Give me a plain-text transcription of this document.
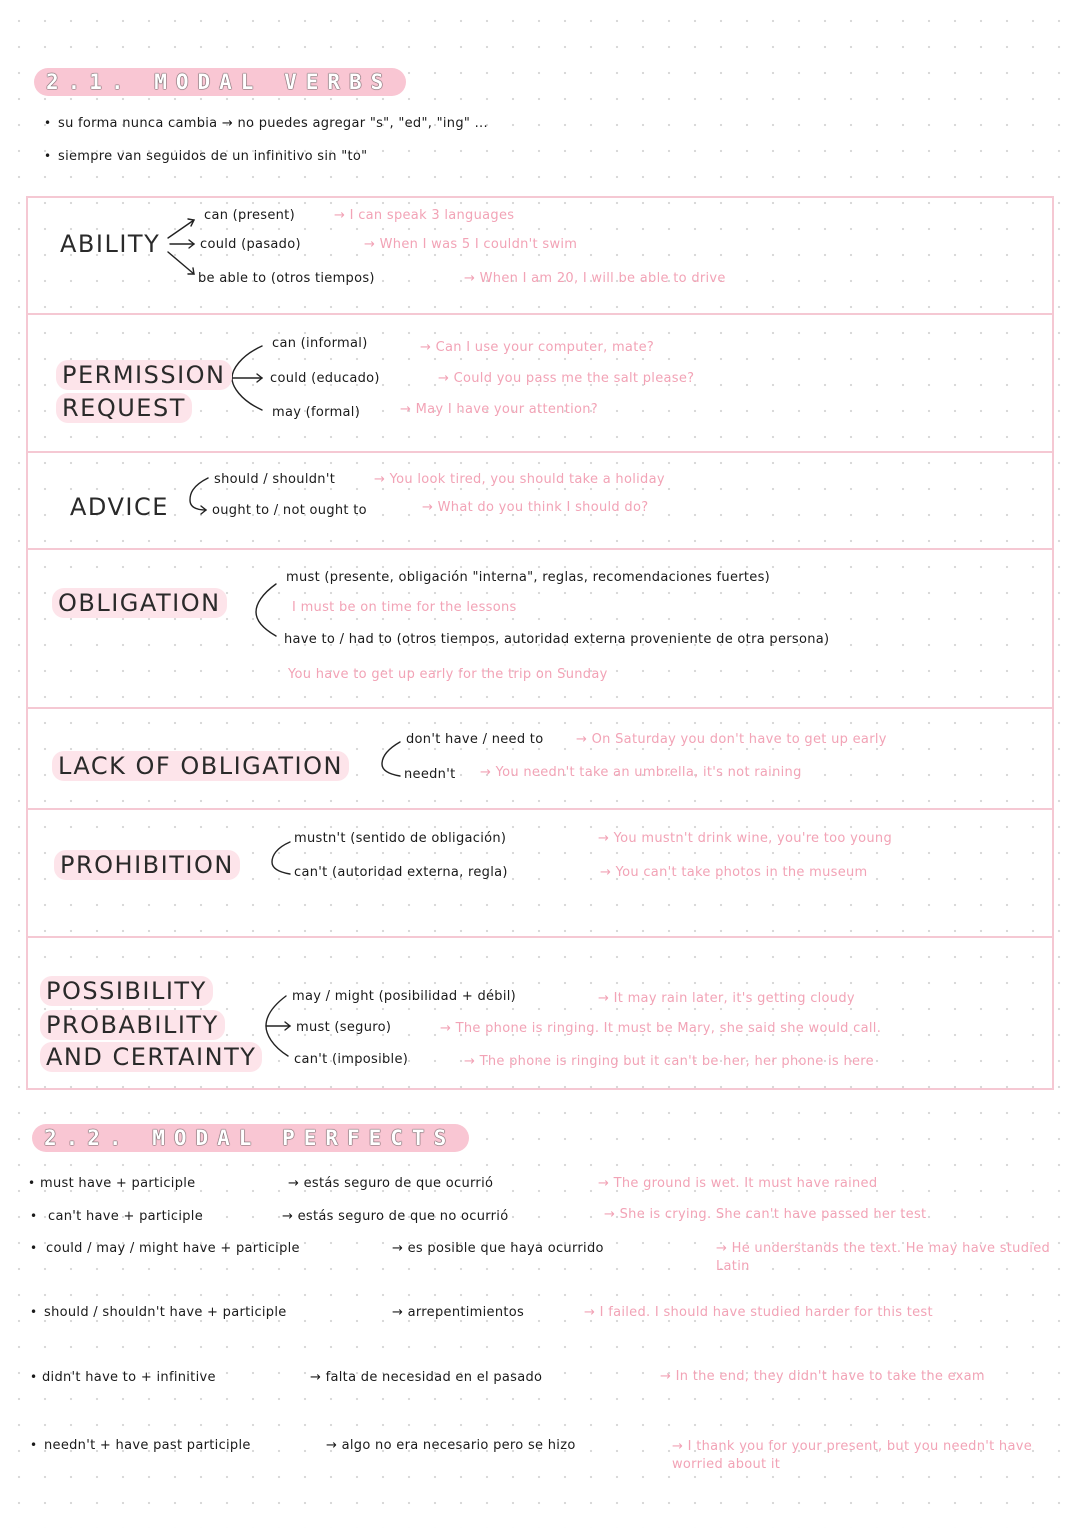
2.1. MODAL VERBS
• su forma nunca cambia → no puedes agregar "s", "ed", "ing" ...
• siempre van seguidos de un infinitivo sin "to"
ABILITY
can (present)	→ I can speak 3 languages
could (pasado)	→ When I was 5 I couldn't swim
be able to (otros tiempos)	→ When I am 20, I will be able to drive
PERMISSION
REQUEST
can (informal)	→ Can I use your computer, mate?
could (educado)	→ Could you pass me the salt please?
may (formal)	→ May I have your attention?
ADVICE
should / shouldn't	→ You look tired, you should take a holiday
ought to / not ought to	→ What do you think I should do?
OBLIGATION
must (presente, obligación "interna", reglas, recomendaciones fuertes)
I must be on time for the lessons
have to / had to (otros tiempos, autoridad externa proveniente de otra persona)
You have to get up early for the trip on Sunday
LACK OF OBLIGATION
don't have / need to	→ On Saturday you don't have to get up early
needn't → You needn't take an umbrella, it's not raining
PROHIBITION
mustn't (sentido de obligación)	→ You mustn't drink wine, you're too young
can't (autoridad externa, regla)	→ You can't take photos in the museum
POSSIBILITY
PROBABILITY
AND CERTAINTY
may / might (posibilidad + débil)	→ It may rain later, it's getting cloudy
must (seguro)	→ The phone is ringing. It must be Mary, she said she would call.
can't (imposible)	→ The phone is ringing but it can't be her, her phone is here
2.2. MODAL PERFECTS
• must have + participle	→ estás seguro de que ocurrió	→ The ground is wet. It must have rained
• can't have + participle	→ estás seguro de que no ocurrió	→ She is crying. She can't have passed her test
• could / may / might have + participle	→ es posible que haya ocurrido	→ He understands the text. He may have studied Latin
• should / shouldn't have + participle	→ arrepentimientos	→ I failed. I should have studied harder for this test
• didn't have to + infinitive	→ falta de necesidad en el pasado	→ In the end, they didn't have to take the exam
• needn't + have past participle	→ algo no era necesario pero se hizo	→ I thank you for your present, but you needn't have worried about it
